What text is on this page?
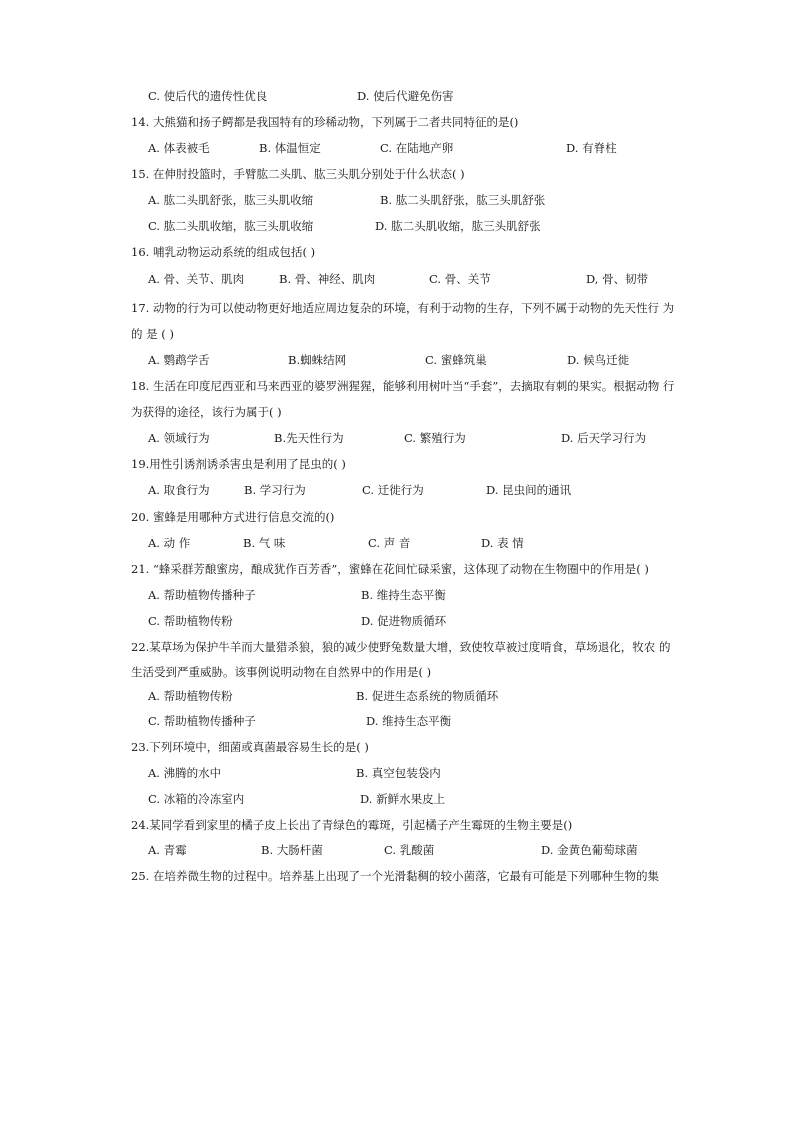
C. 使后代的遗传性优良	D. 使后代避免伤害
14. 大熊猫和扬子鳄都是我国特有的珍稀动物，下列属于二者共同特征的是()
A. 体表被毛	B. 体温恒定	C. 在陆地产卵	D. 有脊柱
15. 在伸肘投篮时，手臂肱二头肌、肱三头肌分别处于什么状态( )
A. 肱二头肌舒张，肱三头肌收缩	B. 肱二头肌舒张，肱三头肌舒张
C. 肱二头肌收缩，肱三头肌收缩	D. 肱二头肌收缩，肱三头肌舒张
16. 哺乳动物运动系统的组成包括( )
A. 骨、关节、肌肉	B. 骨、神经、肌肉	C. 骨、关节	D, 骨、韧带
17. 动物的行为可以使动物更好地适应周边复杂的环境，有利于动物的生存，下列不属于动物的先天性行 为
的 是 ( )
A. 鹦鹉学舌	B.蜘蛛结网	C. 蜜蜂筑巢	D. 候鸟迁徙
18. 生活在印度尼西亚和马来西亚的婆罗洲猩猩，能够利用树叶当“手套”，去摘取有刺的果实。根据动物 行
为获得的途径，该行为属于( )
A. 领域行为	B.先天性行为	C. 繁殖行为	D. 后天学习行为
19.用性引诱剂诱杀害虫是利用了昆虫的( )
A. 取食行为	B. 学习行为	C. 迁徙行为	D. 昆虫间的通讯
20. 蜜蜂是用哪种方式进行信息交流的()
A. 动 作	B. 气 味	C. 声 音	D. 表 情
21. “蜂采群芳酿蜜房，酿成犹作百芳香”，蜜蜂在花间忙碌采蜜，这体现了动物在生物圈中的作用是( )
A. 帮助植物传播种子	B. 维持生态平衡
C. 帮助植物传粉	D. 促进物质循环
22.某草场为保护牛羊而大量猎杀狼，狼的减少使野兔数量大增，致使牧草被过度啃食，草场退化，牧农 的
生活受到严重威胁。该事例说明动物在自然界中的作用是( )
A. 帮助植物传粉	B. 促进生态系统的物质循环
C. 帮助植物传播种子	D. 维持生态平衡
23.下列环境中，细菌或真菌最容易生长的是( )
A. 沸腾的水中	B. 真空包装袋内
C. 冰箱的冷冻室内	D. 新鲜水果皮上
24.某同学看到家里的橘子皮上长出了青绿色的霉斑，引起橘子产生霉斑的生物主要是()
A. 青霉	B. 大肠杆菌	C. 乳酸菌	D. 金黄色葡萄球菌
25. 在培养微生物的过程中。培养基上出现了一个光滑黏稠的较小菌落，它最有可能是下列哪种生物的集
